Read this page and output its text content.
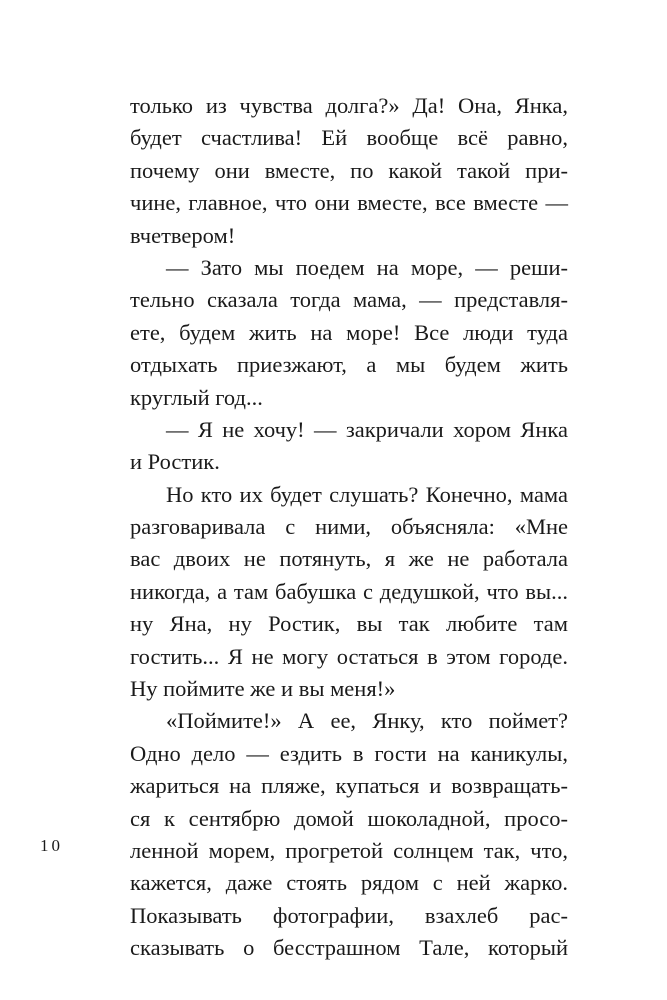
только из чувства долга?» Да! Она, Янка,
будет счастлива! Ей вообще всё равно,
почему они вместе, по какой такой при-
чине, главное, что они вместе, все вместе —
вчетвером!
— Зато мы поедем на море, — реши-
тельно сказала тогда мама, — представля-
ете, будем жить на море! Все люди туда
отдыхать приезжают, а мы будем жить
круглый год...
— Я не хочу! — закричали хором Янка
и Ростик.
Но кто их будет слушать? Конечно, мама
разговаривала с ними, объясняла: «Мне
вас двоих не потянуть, я же не работала
никогда, а там бабушка с дедушкой, что вы...
ну Яна, ну Ростик, вы так любите там
гостить... Я не могу остаться в этом городе.
Ну поймите же и вы меня!»
«Поймите!» А ее, Янку, кто поймет?
Одно дело — ездить в гости на каникулы,
жариться на пляже, купаться и возвращать-
ся к сентябрю домой шоколадной, просо-
ленной морем, прогретой солнцем так, что,
кажется, даже стоять рядом с ней жарко.
Показывать фотографии, взахлеб рас-
сказывать о бесстрашном Тале, который
10
